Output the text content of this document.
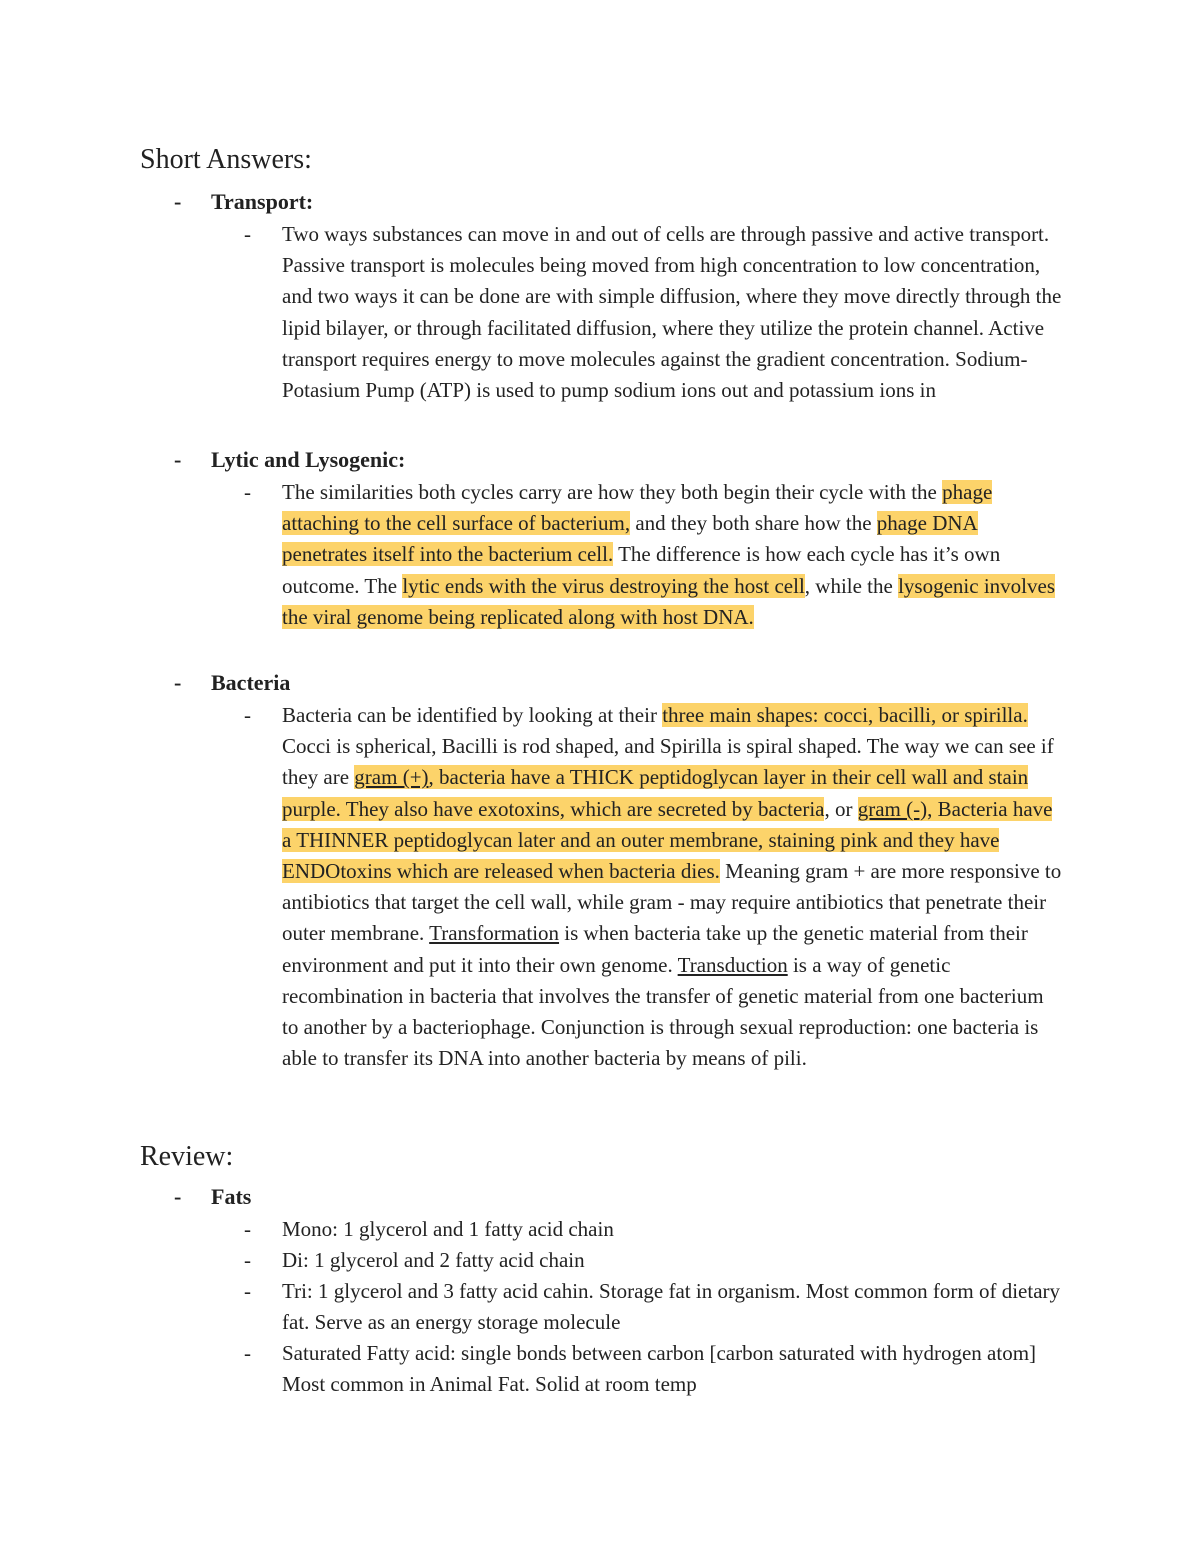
Short Answers:
-	Transport:
-	Two ways substances can move in and out of cells are through passive and active transport. Passive transport is molecules being moved from high concentration to low concentration, and two ways it can be done are with simple diffusion, where they move directly through the lipid bilayer, or through facilitated diffusion, where they utilize the protein channel. Active transport requires energy to move molecules against the gradient concentration. Sodium-Potasium Pump (ATP) is used to pump sodium ions out and potassium ions in
-	Lytic and Lysogenic:
-	The similarities both cycles carry are how they both begin their cycle with the phage attaching to the cell surface of bacterium, and they both share how the phage DNA penetrates itself into the bacterium cell. The difference is how each cycle has it’s own outcome. The lytic ends with the virus destroying the host cell, while the lysogenic involves the viral genome being replicated along with host DNA.
-	Bacteria
-	Bacteria can be identified by looking at their three main shapes: cocci, bacilli, or spirilla. Cocci is spherical, Bacilli is rod shaped, and Spirilla is spiral shaped. The way we can see if they are gram (+), bacteria have a THICK peptidoglycan layer in their cell wall and stain purple. They also have exotoxins, which are secreted by bacteria, or gram (-), Bacteria have a THINNER peptidoglycan later and an outer membrane, staining pink and they have ENDOtoxins which are released when bacteria dies. Meaning gram + are more responsive to antibiotics that target the cell wall, while gram - may require antibiotics that penetrate their outer membrane. Transformation is when bacteria take up the genetic material from their environment and put it into their own genome. Transduction is a way of genetic recombination in bacteria that involves the transfer of genetic material from one bacterium to another by a bacteriophage. Conjunction is through sexual reproduction: one bacteria is able to transfer its DNA into another bacteria by means of pili.
Review:
-	Fats
-	Mono: 1 glycerol and 1 fatty acid chain
-	Di: 1 glycerol and 2 fatty acid chain
-	Tri: 1 glycerol and 3 fatty acid cahin. Storage fat in organism. Most common form of dietary fat. Serve as an energy storage molecule
-	Saturated Fatty acid: single bonds between carbon [carbon saturated with hydrogen atom] Most common in Animal Fat. Solid at room temp
